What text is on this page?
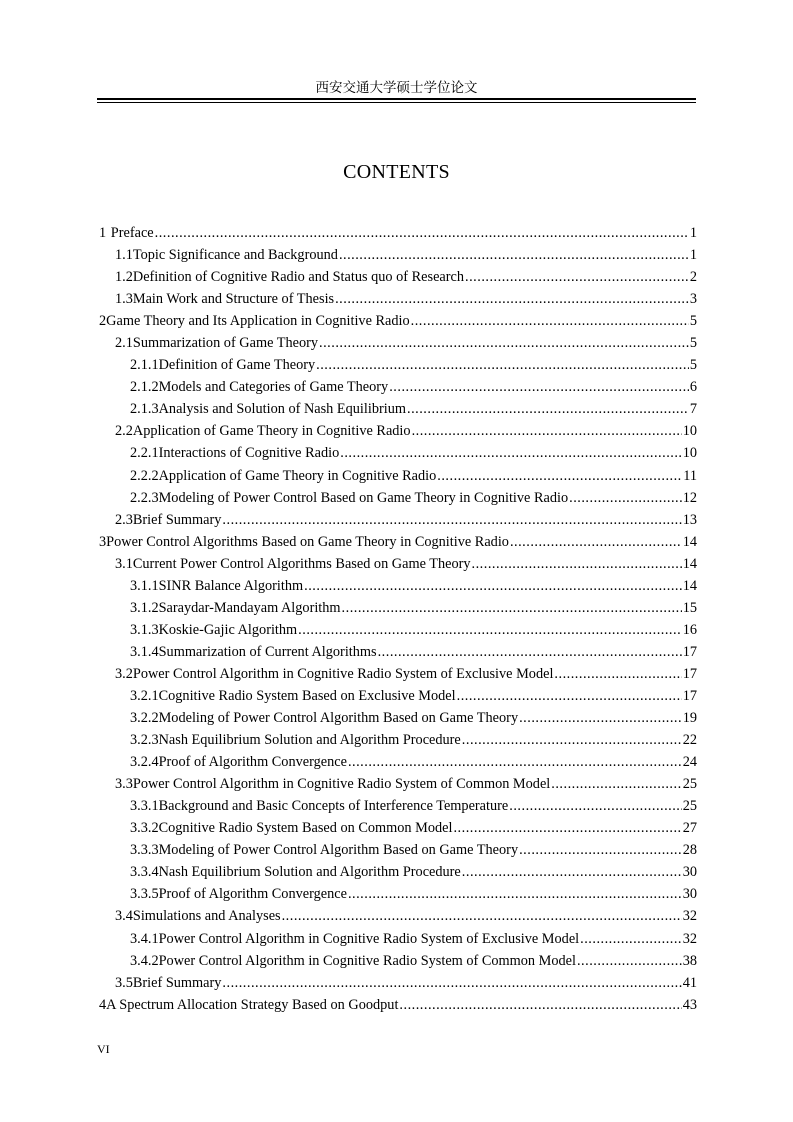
西安交通大学硕士学位论文
CONTENTS
1 Preface .....	1
1.1 Topic Significance and Background .....	1
1.2 Definition of Cognitive Radio and Status quo of Research .....	2
1.3 Main Work and Structure of Thesis .....	3
2 Game Theory and Its Application in Cognitive Radio .....	5
2.1 Summarization of Game Theory .....	5
2.1.1 Definition of Game Theory .....	5
2.1.2 Models and Categories of Game Theory .....	6
2.1.3 Analysis and Solution of Nash Equilibrium .....	7
2.2 Application of Game Theory in Cognitive Radio .....	10
2.2.1 Interactions of Cognitive Radio .....	10
2.2.2 Application of Game Theory in Cognitive Radio .....	11
2.2.3 Modeling of Power Control Based on Game Theory in Cognitive Radio .....	12
2.3 Brief Summary .....	13
3 Power Control Algorithms Based on Game Theory in Cognitive Radio .....	14
3.1 Current Power Control Algorithms Based on Game Theory .....	14
3.1.1 SINR Balance Algorithm .....	14
3.1.2 Saraydar-Mandayam Algorithm .....	15
3.1.3 Koskie-Gajic Algorithm .....	16
3.1.4 Summarization of Current Algorithms .....	17
3.2 Power Control Algorithm in Cognitive Radio System of Exclusive Model .....	17
3.2.1 Cognitive Radio System Based on Exclusive Model .....	17
3.2.2 Modeling of Power Control Algorithm Based on Game Theory .....	19
3.2.3 Nash Equilibrium Solution and Algorithm Procedure .....	22
3.2.4 Proof of Algorithm Convergence .....	24
3.3 Power Control Algorithm in Cognitive Radio System of Common Model .....	25
3.3.1 Background and Basic Concepts of Interference Temperature .....	25
3.3.2 Cognitive Radio System Based on Common Model .....	27
3.3.3 Modeling of Power Control Algorithm Based on Game Theory .....	28
3.3.4 Nash Equilibrium Solution and Algorithm Procedure .....	30
3.3.5 Proof of Algorithm Convergence .....	30
3.4 Simulations and Analyses .....	32
3.4.1 Power Control Algorithm in Cognitive Radio System of Exclusive Model .....	32
3.4.2 Power Control Algorithm in Cognitive Radio System of Common Model .....	38
3.5 Brief Summary .....	41
4 A Spectrum Allocation Strategy Based on Goodput .....	43
VI
